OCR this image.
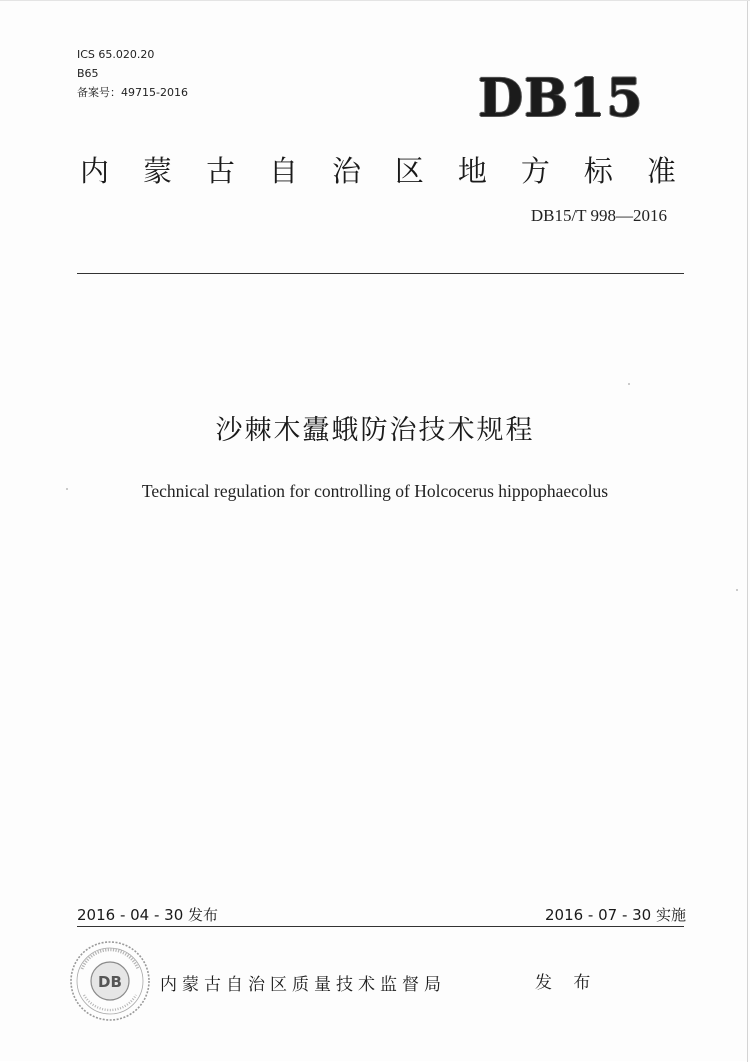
ICS 65.020.20
B65
备案号：49715-2016	DB15
内 蒙 古 自 治 区 地 方 标 准
DB15/T 998—2016
沙棘木蠹蛾防治技术规程
Technical regulation for controlling of Holcocerus hippophaecolus
2016 - 04 - 30 发布	2016 - 07 - 30 实施
DB 内蒙古自治区质量技术监督局	发 布
